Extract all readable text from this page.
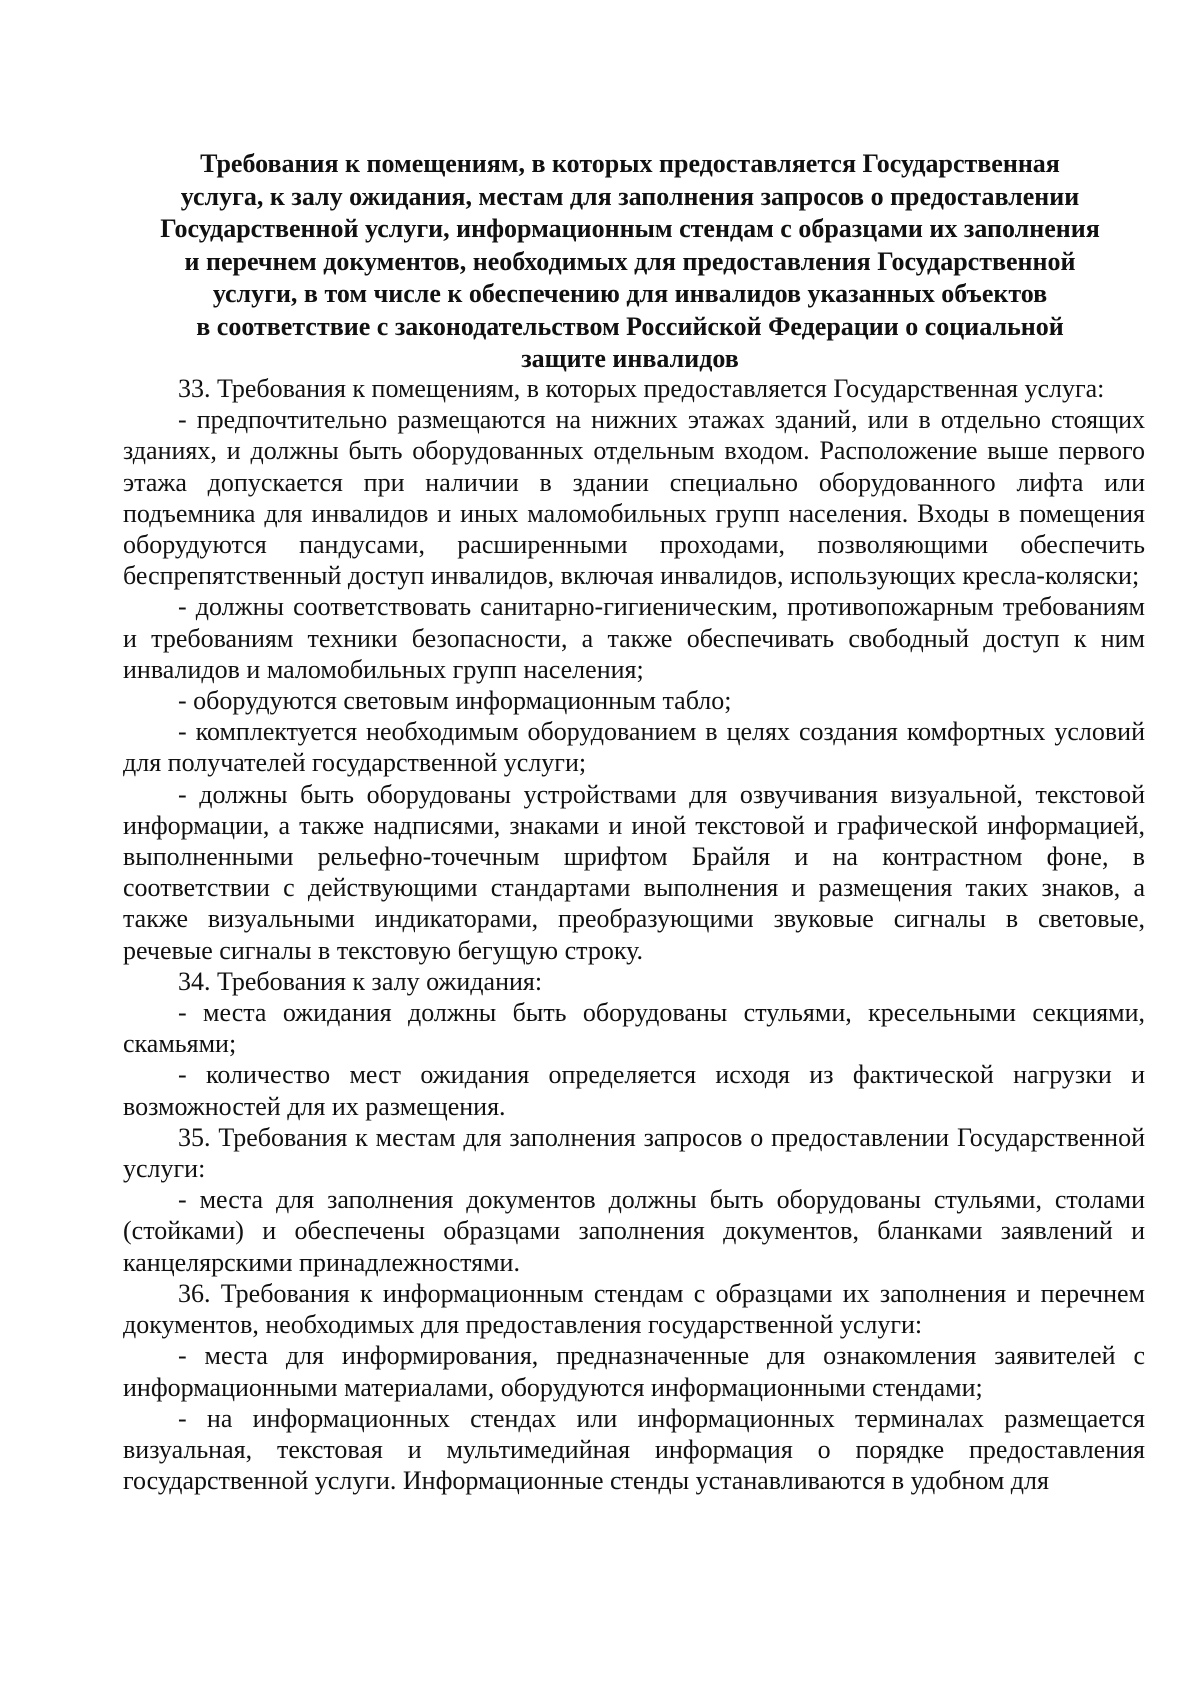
Требования к помещениям, в которых предоставляется Государственная
услуга, к залу ожидания, местам для заполнения запросов о предоставлении
Государственной услуги, информационным стендам с образцами их заполнения
и перечнем документов, необходимых для предоставления Государственной
услуги, в том числе к обеспечению для инвалидов указанных объектов
в соответствие с законодательством Российской Федерации о социальной
защите инвалидов

33. Требования к помещениям, в которых предоставляется Государственная услуга:

- предпочтительно размещаются на нижних этажах зданий, или в отдельно стоящих зданиях, и должны быть оборудованных отдельным входом. Расположение выше первого этажа допускается при наличии в здании специально оборудованного лифта или подъемника для инвалидов и иных маломобильных групп населения. Входы в помещения оборудуются пандусами, расширенными проходами, позволяющими обеспечить беспрепятственный доступ инвалидов, включая инвалидов, использующих кресла-коляски;

- должны соответствовать санитарно-гигиеническим, противопожарным требованиям и требованиям техники безопасности, а также обеспечивать свободный доступ к ним инвалидов и маломобильных групп населения;

- оборудуются световым информационным табло;

- комплектуется необходимым оборудованием в целях создания комфортных условий для получателей государственной услуги;

- должны быть оборудованы устройствами для озвучивания визуальной, текстовой информации, а также надписями, знаками и иной текстовой и графической информацией, выполненными рельефно-точечным шрифтом Брайля и на контрастном фоне, в соответствии с действующими стандартами выполнения и размещения таких знаков, а также визуальными индикаторами, преобразующими звуковые сигналы в световые, речевые сигналы в текстовую бегущую строку.

34. Требования к залу ожидания:

- места ожидания должны быть оборудованы стульями, кресельными секциями, скамьями;

- количество мест ожидания определяется исходя из фактической нагрузки и возможностей для их размещения.

35. Требования к местам для заполнения запросов о предоставлении Государственной услуги:

- места для заполнения документов должны быть оборудованы стульями, столами (стойками) и обеспечены образцами заполнения документов, бланками заявлений и канцелярскими принадлежностями.

36. Требования к информационным стендам с образцами их заполнения и перечнем документов, необходимых для предоставления государственной услуги:

- места для информирования, предназначенные для ознакомления заявителей с информационными материалами, оборудуются информационными стендами;

- на информационных стендах или информационных терминалах размещается визуальная, текстовая и мультимедийная информация о порядке предоставления государственной услуги. Информационные стенды устанавливаются в удобном для
